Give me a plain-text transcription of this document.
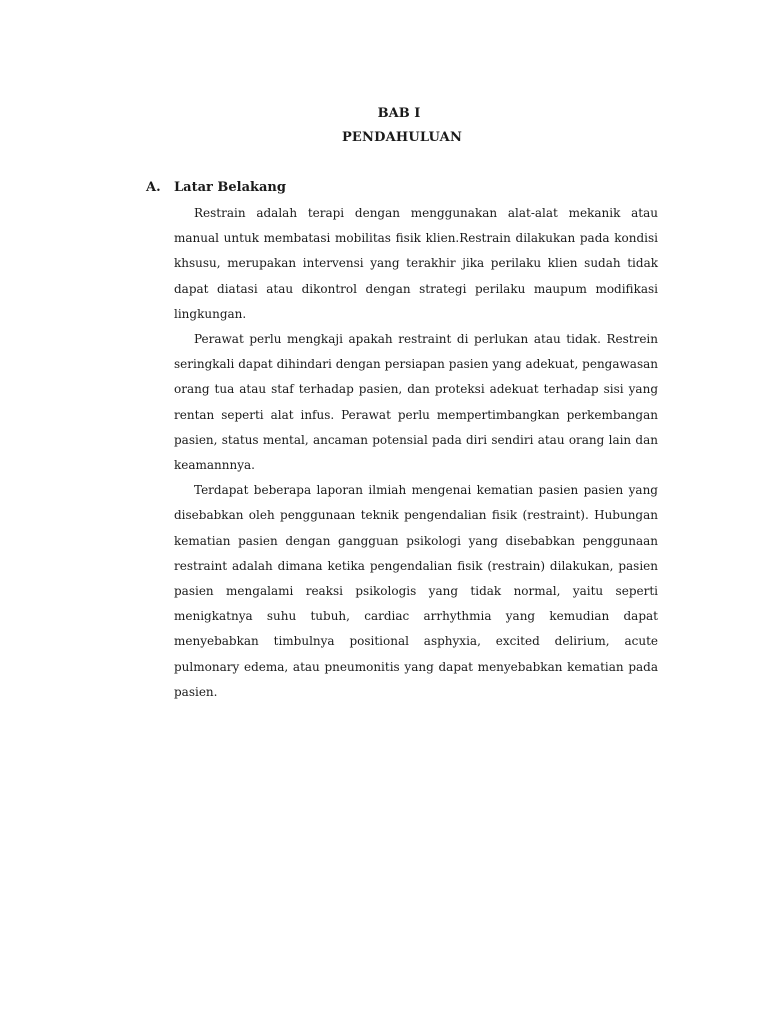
BAB I
PENDAHULUAN
A. Latar Belakang

Restrain adalah terapi dengan menggunakan alat-alat mekanik atau manual untuk membatasi mobilitas fisik klien.Restrain dilakukan pada kondisi khsusu, merupakan intervensi yang terakhir jika perilaku klien sudah tidak dapat diatasi atau dikontrol dengan strategi perilaku maupum modifikasi lingkungan.

Perawat perlu mengkaji apakah restraint di perlukan atau tidak. Restrein seringkali dapat dihindari dengan persiapan pasien yang adekuat, pengawasan orang tua atau staf terhadap pasien, dan proteksi adekuat terhadap sisi yang rentan seperti alat infus. Perawat perlu mempertimbangkan perkembangan pasien, status mental, ancaman potensial pada diri sendiri atau orang lain dan keamannnya.

Terdapat beberapa laporan ilmiah mengenai kematian pasien pasien yang disebabkan oleh penggunaan teknik pengendalian fisik (restraint). Hubungan kematian pasien dengan gangguan psikologi yang disebabkan penggunaan restraint adalah dimana ketika pengendalian fisik (restrain) dilakukan, pasien pasien mengalami reaksi psikologis yang tidak normal, yaitu seperti menigkatnya suhu tubuh, cardiac arrhythmia yang kemudian dapat menyebabkan timbulnya positional asphyxia, excited delirium, acute pulmonary edema, atau pneumonitis yang dapat menyebabkan kematian pada pasien.
